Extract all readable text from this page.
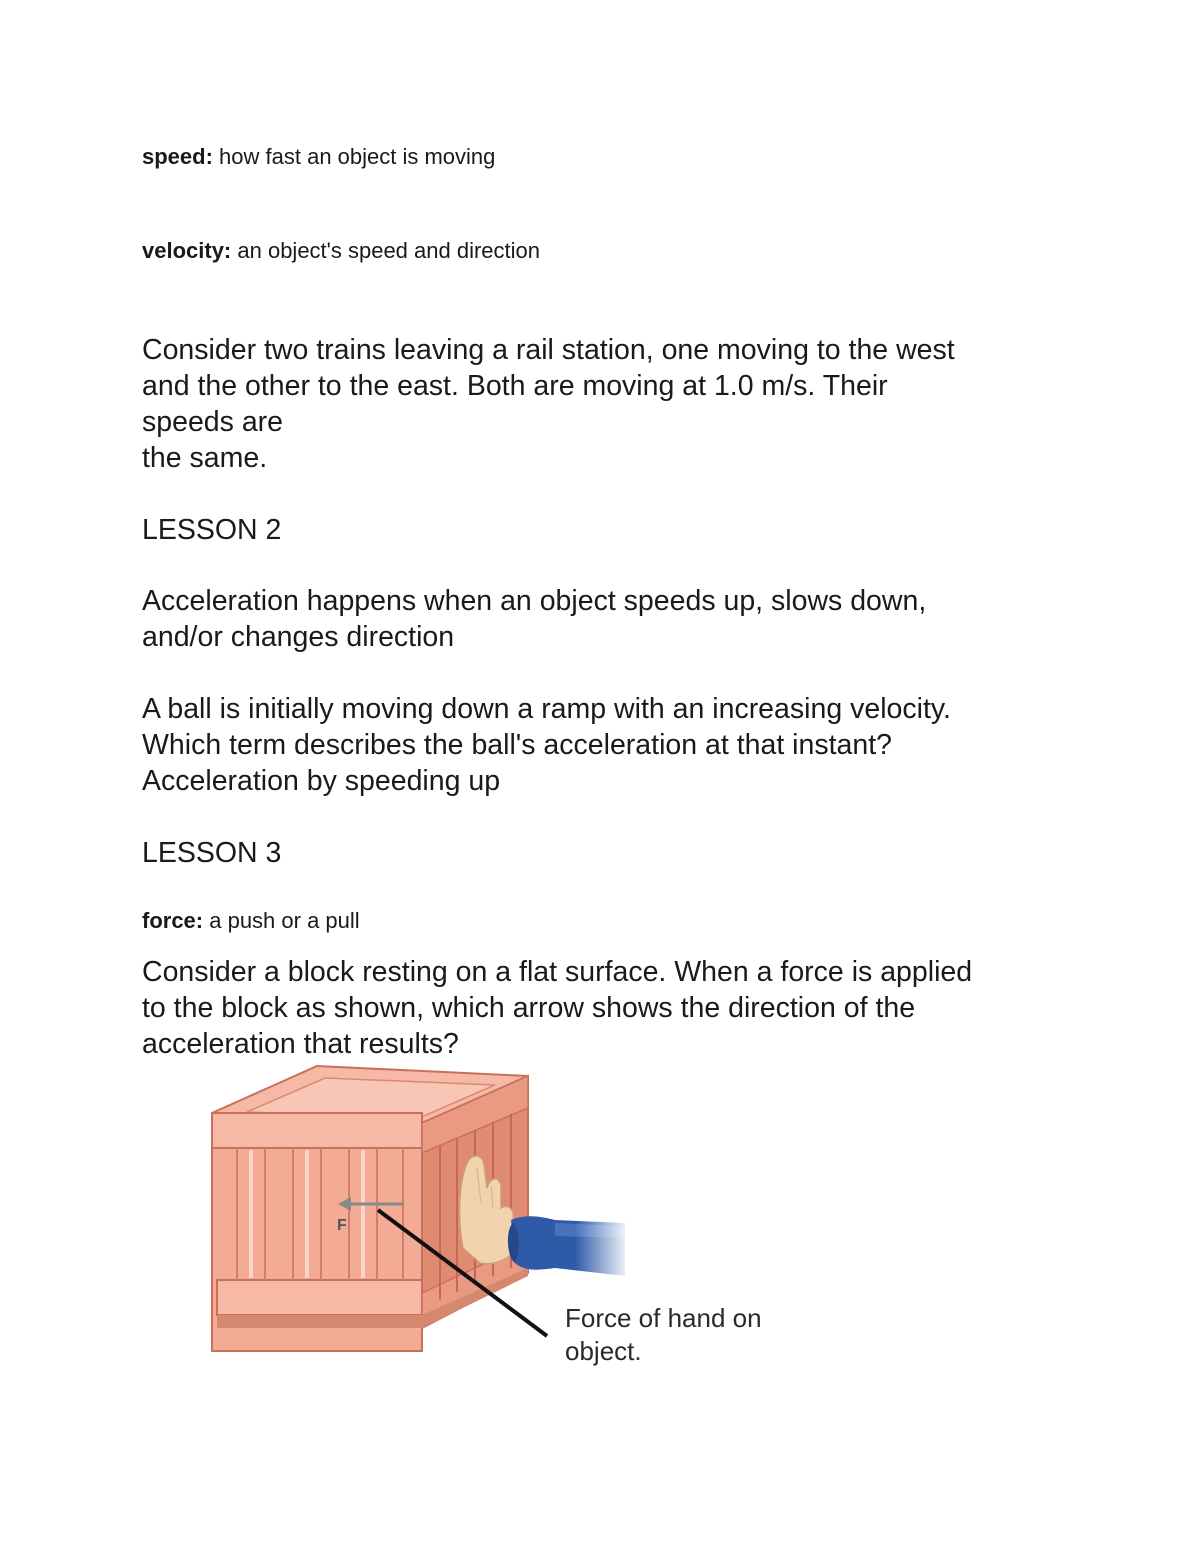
speed: how fast an object is moving

velocity: an object's speed and direction

Consider two trains leaving a rail station, one moving to the west
and the other to the east. Both are moving at 1.0 m/s. Their
speeds are
the same.
LESSON 2
Acceleration happens when an object speeds up, slows down,
and/or changes direction
A ball is initially moving down a ramp with an increasing velocity.
Which term describes the ball's acceleration at that instant?
Acceleration by speeding up
LESSON 3

force: a push or a pull

Consider a block resting on a flat surface. When a force is applied
to the block as shown, which arrow shows the direction of the
acceleration that results?
F
Force of hand on
object.
